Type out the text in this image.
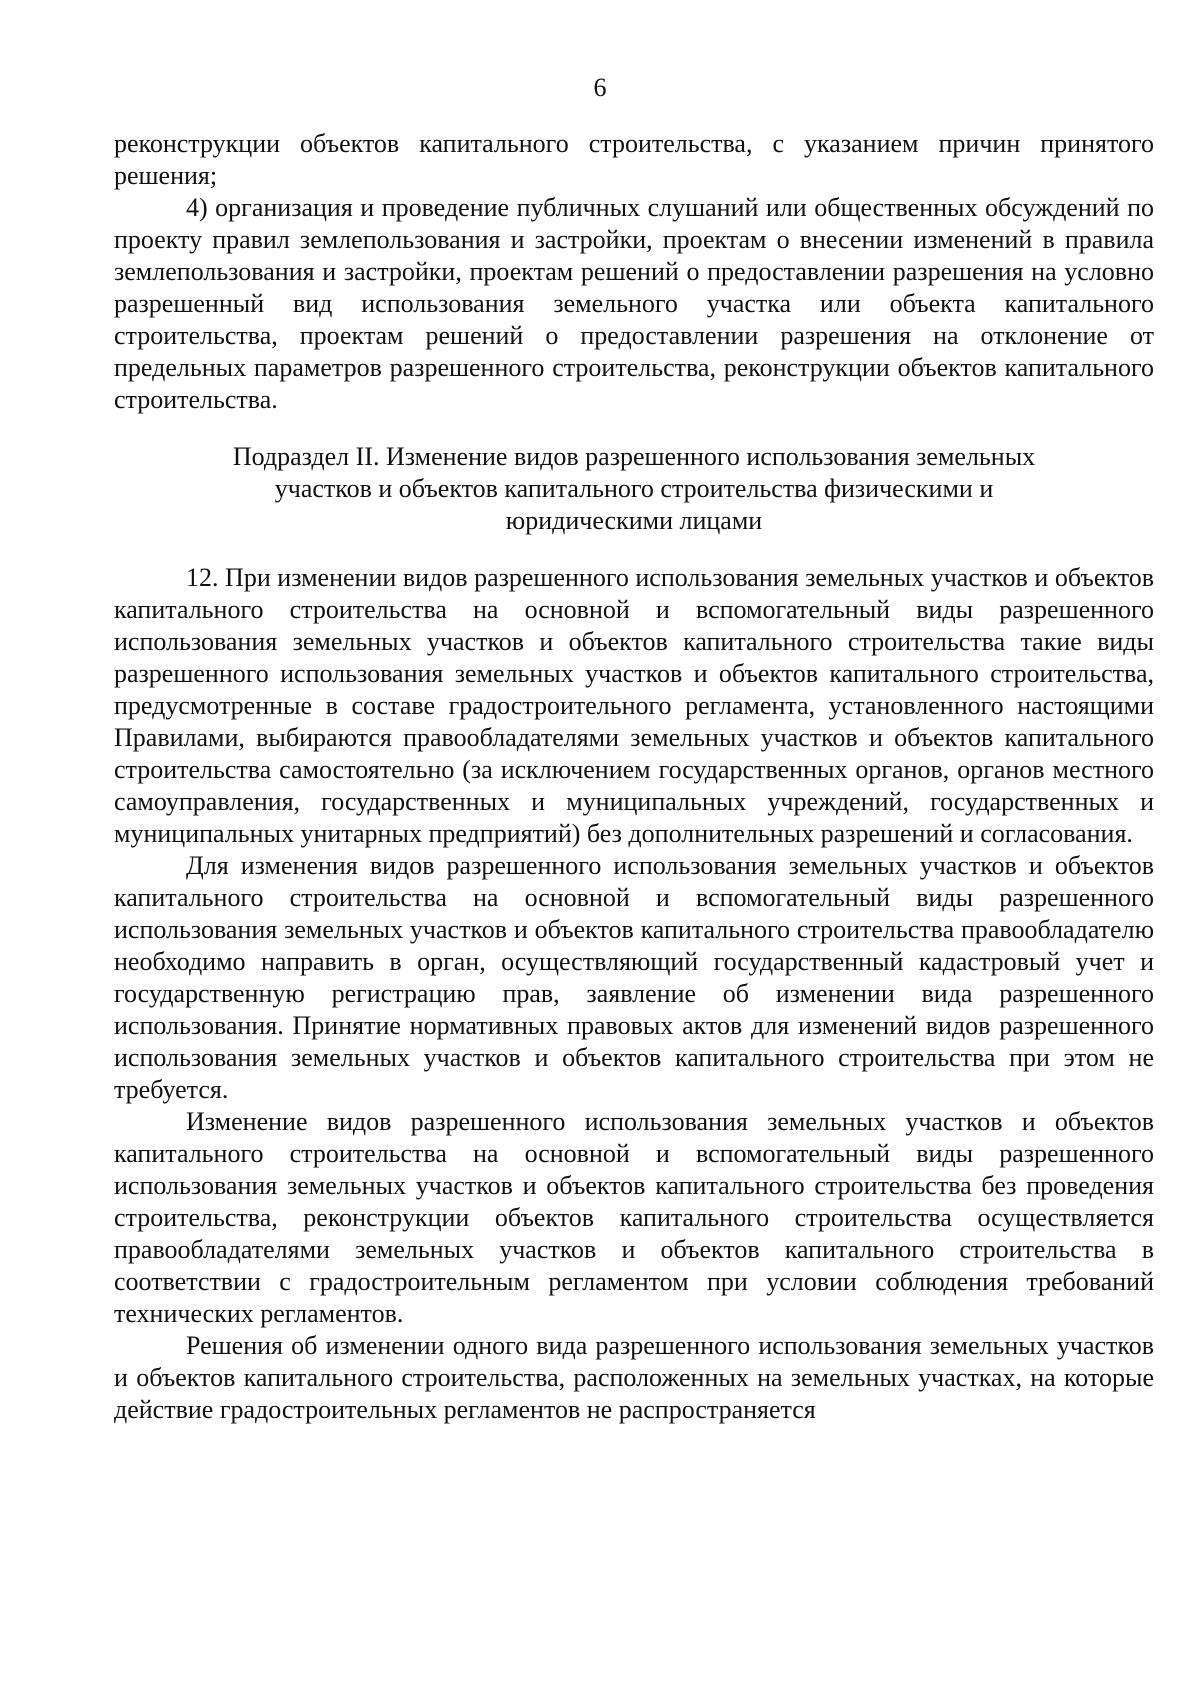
6

реконструкции объектов капитального строительства, с указанием причин принятого решения;

4) организация и проведение публичных слушаний или общественных обсуждений по проекту правил землепользования и застройки, проектам о внесении изменений в правила землепользования и застройки, проектам решений о предоставлении разрешения на условно разрешенный вид использования земельного участка или объекта капитального строительства, проектам решений о предоставлении разрешения на отклонение от предельных параметров разрешенного строительства, реконструкции объектов капитального строительства.

Подраздел II. Изменение видов разрешенного использования земельных
участков и объектов капитального строительства физическими и
юридическими лицами

12. При изменении видов разрешенного использования земельных участков и объектов капитального строительства на основной и вспомогательный виды разрешенного использования земельных участков и объектов капитального строительства такие виды разрешенного использования земельных участков и объектов капитального строительства, предусмотренные в составе градостроительного регламента, установленного настоящими Правилами, выбираются правообладателями земельных участков и объектов капитального строительства самостоятельно (за исключением государственных органов, органов местного самоуправления, государственных и муниципальных учреждений, государственных и муниципальных унитарных предприятий) без дополнительных разрешений и согласования.

Для изменения видов разрешенного использования земельных участков и объектов капитального строительства на основной и вспомогательный виды разрешенного использования земельных участков и объектов капитального строительства правообладателю необходимо направить в орган, осуществляющий государственный кадастровый учет и государственную регистрацию прав, заявление об изменении вида разрешенного использования. Принятие нормативных правовых актов для изменений видов разрешенного использования земельных участков и объектов капитального строительства при этом не требуется.

Изменение видов разрешенного использования земельных участков и объектов капитального строительства на основной и вспомогательный виды разрешенного использования земельных участков и объектов капитального строительства без проведения строительства, реконструкции объектов капитального строительства осуществляется правообладателями земельных участков и объектов капитального строительства в соответствии с градостроительным регламентом при условии соблюдения требований технических регламентов.

Решения об изменении одного вида разрешенного использования земельных участков и объектов капитального строительства, расположенных на земельных участках, на которые действие градостроительных регламентов не распространяется
